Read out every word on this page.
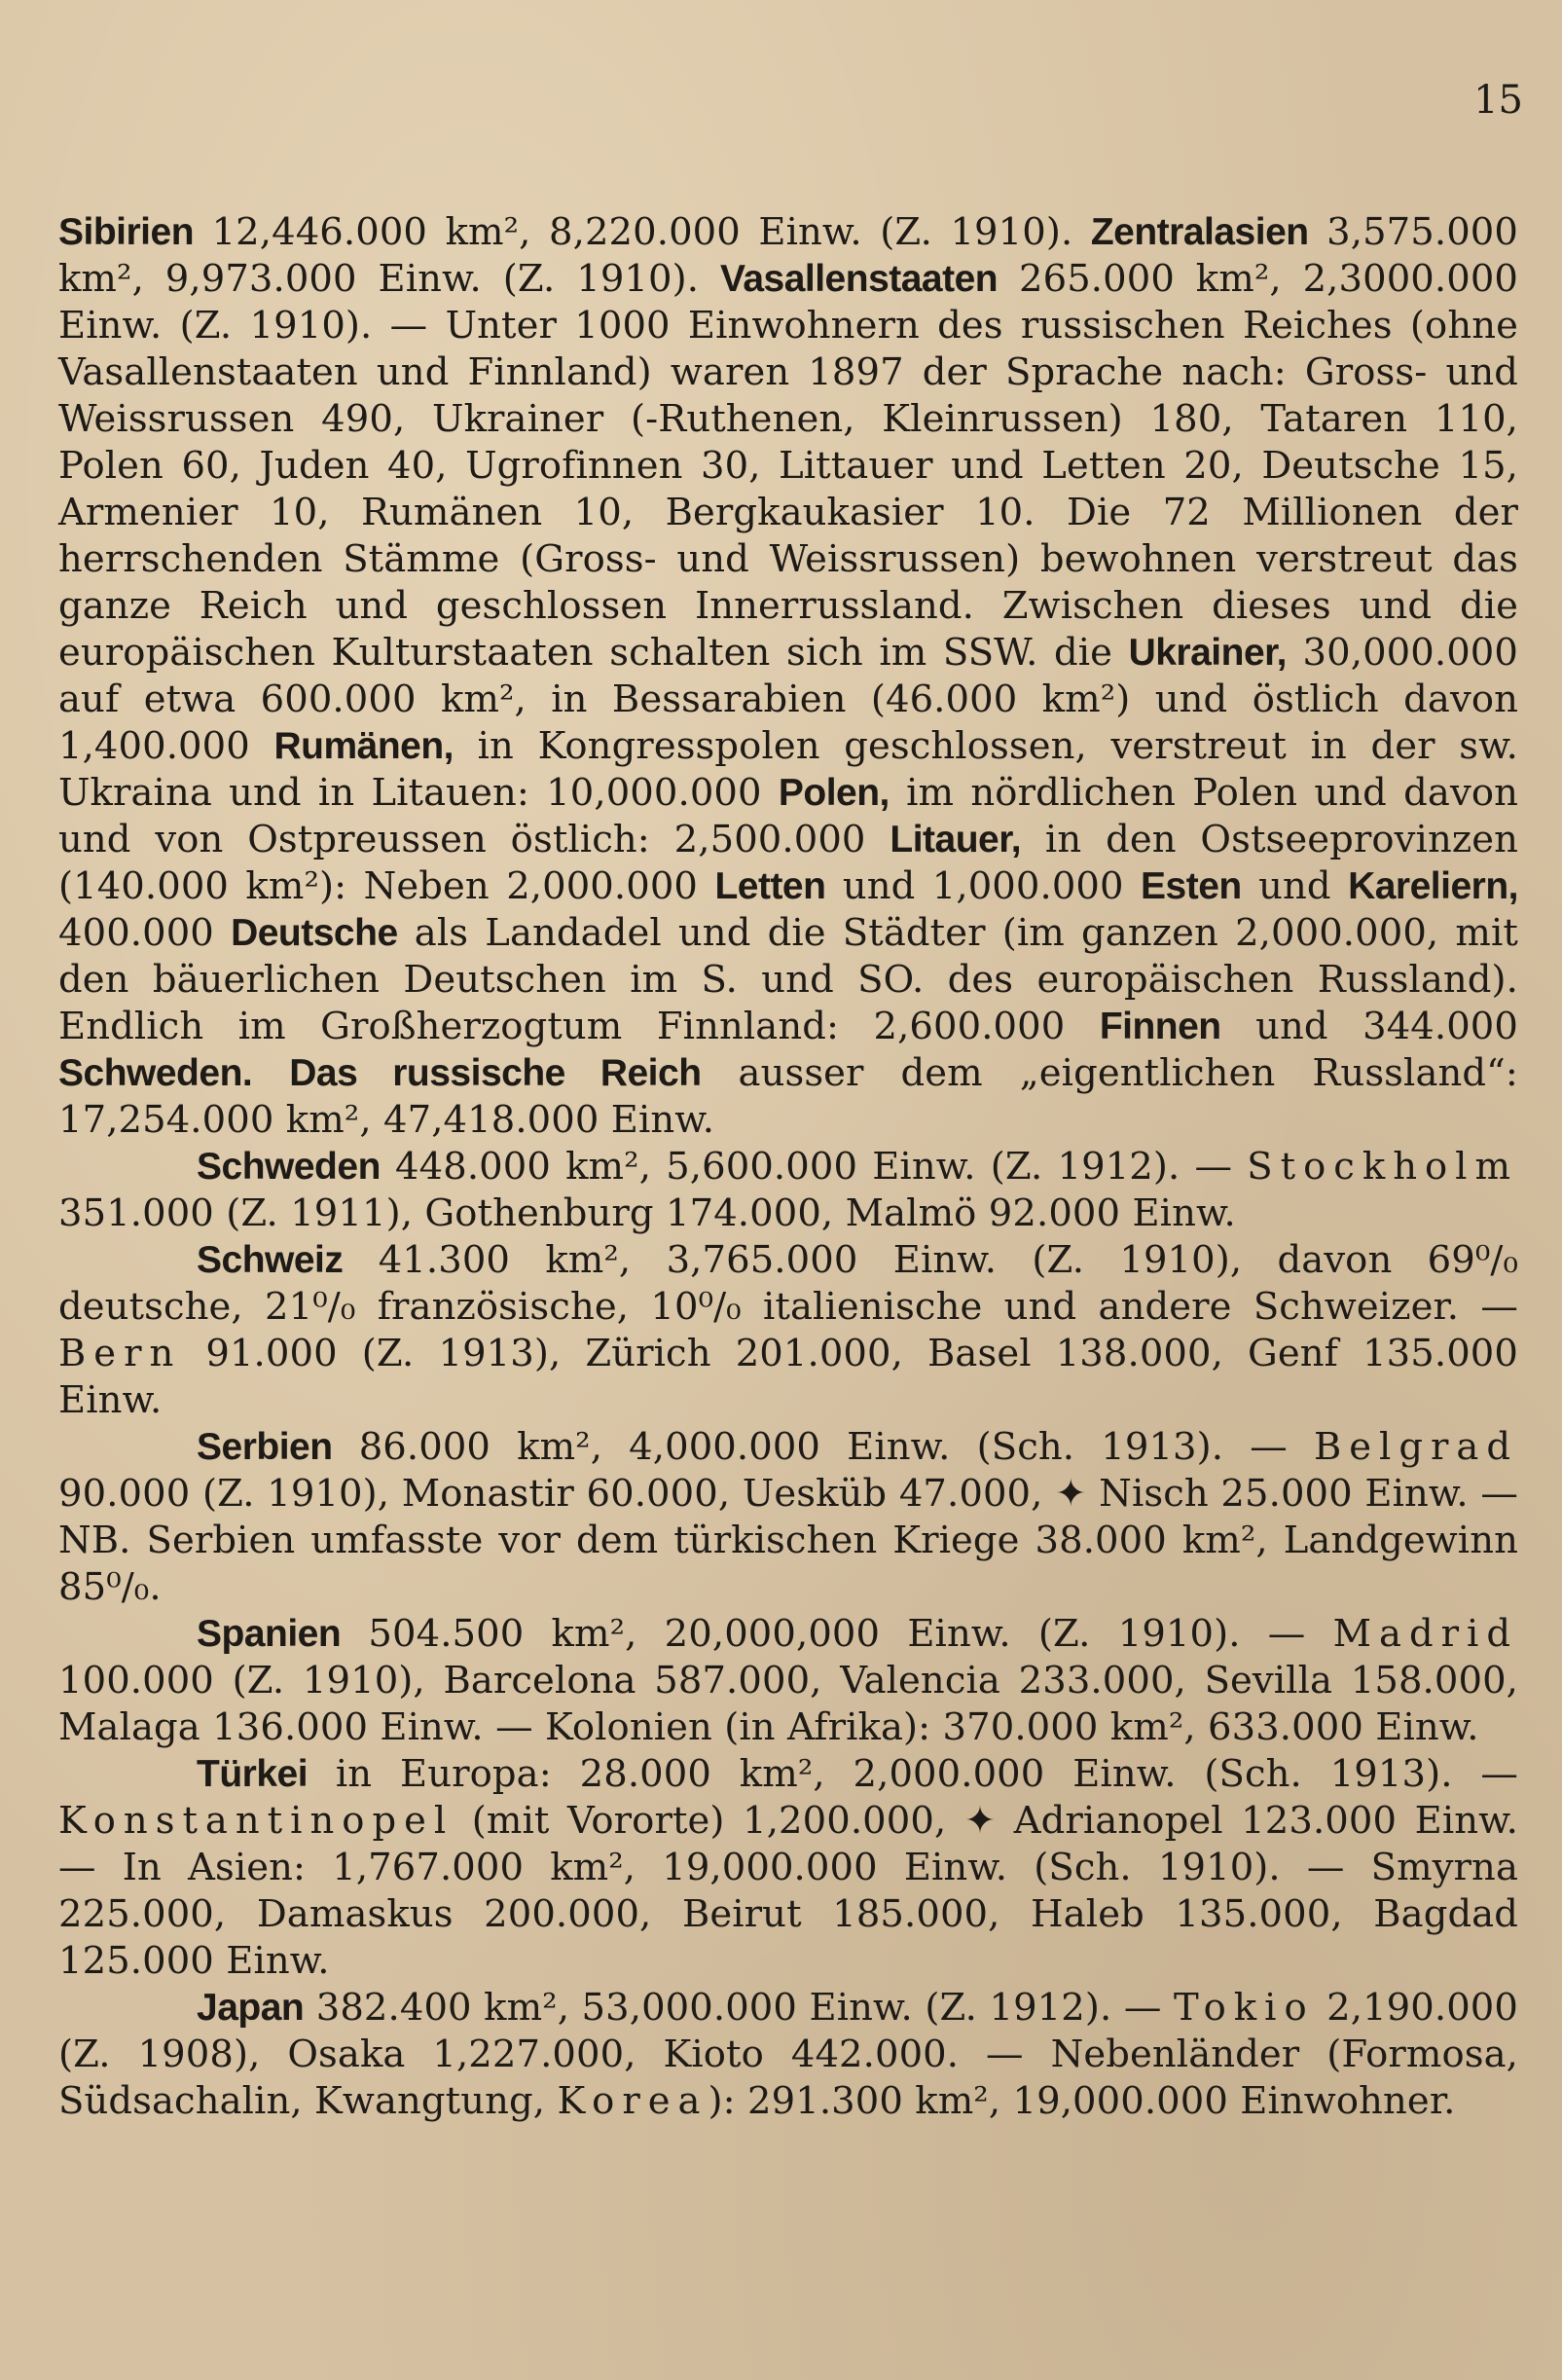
15

Sibirien 12,446.000 km², 8,220.000 Einw. (Z. 1910). Zentralasien 3,575.000 km², 9,973.000 Einw. (Z. 1910). Vasallenstaaten 265.000 km², 2,3000.000 Einw. (Z. 1910). — Unter 1000 Einwohnern des russischen Reiches (ohne Vasallenstaaten und Finnland) waren 1897 der Sprache nach: Gross- und Weissrussen 490, Ukrainer (-Ruthenen, Kleinrussen) 180, Tataren 110, Polen 60, Juden 40, Ugrofinnen 30, Littauer und Letten 20, Deutsche 15, Armenier 10, Rumänen 10, Bergkaukasier 10. Die 72 Millionen der herrschenden Stämme (Gross- und Weissrussen) bewohnen verstreut das ganze Reich und geschlossen Innerrussland. Zwischen dieses und die europäischen Kulturstaaten schalten sich im SSW. die Ukrainer, 30,000.000 auf etwa 600.000 km², in Bessarabien (46.000 km²) und östlich davon 1,400.000 Rumänen, in Kongresspolen geschlossen, verstreut in der sw. Ukraina und in Litauen: 10,000.000 Polen, im nördlichen Polen und davon und von Ostpreussen östlich: 2,500.000 Litauer, in den Ostseeprovinzen (140.000 km²): Neben 2,000.000 Letten und 1,000.000 Esten und Kareliern, 400.000 Deutsche als Landadel und die Städter (im ganzen 2,000.000, mit den bäuerlichen Deutschen im S. und SO. des europäischen Russland). Endlich im Großherzogtum Finnland: 2,600.000 Finnen und 344.000 Schweden. Das russische Reich ausser dem „eigentlichen Russland“: 17,254.000 km², 47,418.000 Einw.

Schweden 448.000 km², 5,600.000 Einw. (Z. 1912). — Stockholm 351.000 (Z. 1911), Gothenburg 174.000, Malmö 92.000 Einw.

Schweiz 41.300 km², 3,765.000 Einw. (Z. 1910), davon 69⁰/₀ deutsche, 21⁰/₀ französische, 10⁰/₀ italienische und andere Schweizer. — Bern 91.000 (Z. 1913), Zürich 201.000, Basel 138.000, Genf 135.000 Einw.

Serbien 86.000 km², 4,000.000 Einw. (Sch. 1913). — Belgrad 90.000 (Z. 1910), Monastir 60.000, Uesküb 47.000, ✦ Nisch 25.000 Einw. — NB. Serbien umfasste vor dem türkischen Kriege 38.000 km², Landgewinn 85⁰/₀.

Spanien 504.500 km², 20,000,000 Einw. (Z. 1910). — Madrid 100.000 (Z. 1910), Barcelona 587.000, Valencia 233.000, Sevilla 158.000, Malaga 136.000 Einw. — Kolonien (in Afrika): 370.000 km², 633.000 Einw.

Türkei in Europa: 28.000 km², 2,000.000 Einw. (Sch. 1913). — Konstantinopel (mit Vororte) 1,200.000, ✦ Adrianopel 123.000 Einw. — In Asien: 1,767.000 km², 19,000.000 Einw. (Sch. 1910). — Smyrna 225.000, Damaskus 200.000, Beirut 185.000, Haleb 135.000, Bagdad 125.000 Einw.

Japan 382.400 km², 53,000.000 Einw. (Z. 1912). — Tokio 2,190.000 (Z. 1908), Osaka 1,227.000, Kioto 442.000. — Nebenländer (Formosa, Südsachalin, Kwangtung, Korea): 291.300 km², 19,000.000 Einwohner.
